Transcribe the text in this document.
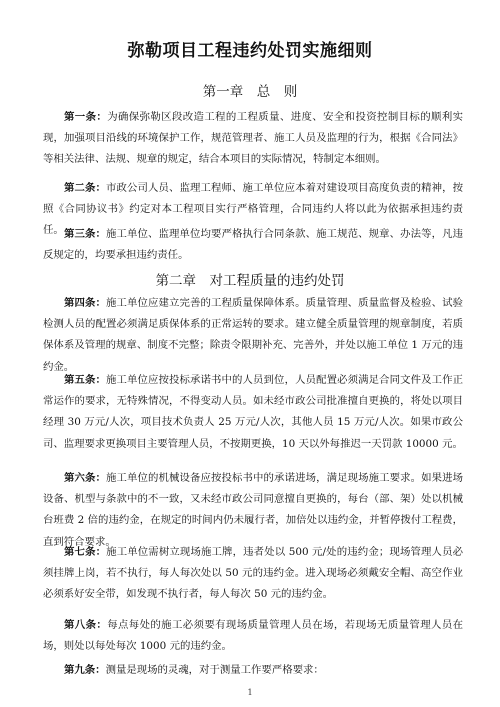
弥勒项目工程违约处罚实施细则
第一章　总　则

第一条：为确保弥勒区段改造工程的工程质量、进度、安全和投资控制目标的顺利实现，加强项目沿线的环境保护工作，规范管理者、施工人员及监理的行为，根据《合同法》等相关法律、法规、规章的规定，结合本项目的实际情况，特制定本细则。

第二条：市政公司人员、监理工程师、施工单位应本着对建设项目高度负责的精神，按照《合同协议书》约定对本工程项目实行严格管理，合同违约人将以此为依据承担违约责任。 第三条：施工单位、监理单位均要严格执行合同条款、施工规范、规章、办法等，凡违反规定的，均要承担违约责任。

第二章　对工程质量的违约处罚

第四条：施工单位应建立完善的工程质量保障体系。质量管理、质量监督及检验、试验检测人员的配置必须满足质保体系的正常运转的要求。建立健全质量管理的规章制度，若质保体系及管理的规章、制度不完整；除责令限期补充、完善外，并处以施工单位 1 万元的违约金。

第五条：施工单位应按投标承诺书中的人员到位，人员配置必须满足合同文件及工作正常运作的要求，无特殊情况，不得变动人员。如未经市政公司批准擅自更换的，将处以项目经理 30 万元/人次，项目技术负责人 25 万元/人次，其他人员 15 万元/人次。如果市政公司、监理要求更换项目主要管理人员，不按期更换，10 天以外每推迟一天罚款 10000 元。

第六条：施工单位的机械设备应按投标书中的承诺进场，满足现场施工要求。如果进场设备、机型与条款中的不一致，又未经市政公司同意擅自更换的，每台（部、架）处以机械台班费 2 倍的违约金，在规定的时间内仍未履行者，加倍处以违约金，并暂停拨付工程费，直到符合要求。

第七条：施工单位需树立现场施工牌，违者处以 500 元/处的违约金；现场管理人员必须挂牌上岗，若不执行，每人每次处以 50 元的违约金。进入现场必须戴安全帽、高空作业必须系好安全带，如发现不执行者，每人每次 50 元的违约金。

第八条：每点每处的施工必须要有现场质量管理人员在场，若现场无质量管理人员在场，则处以每处每次 1000 元的违约金。

第九条：测量是现场的灵魂，对于测量工作要严格要求：

1
